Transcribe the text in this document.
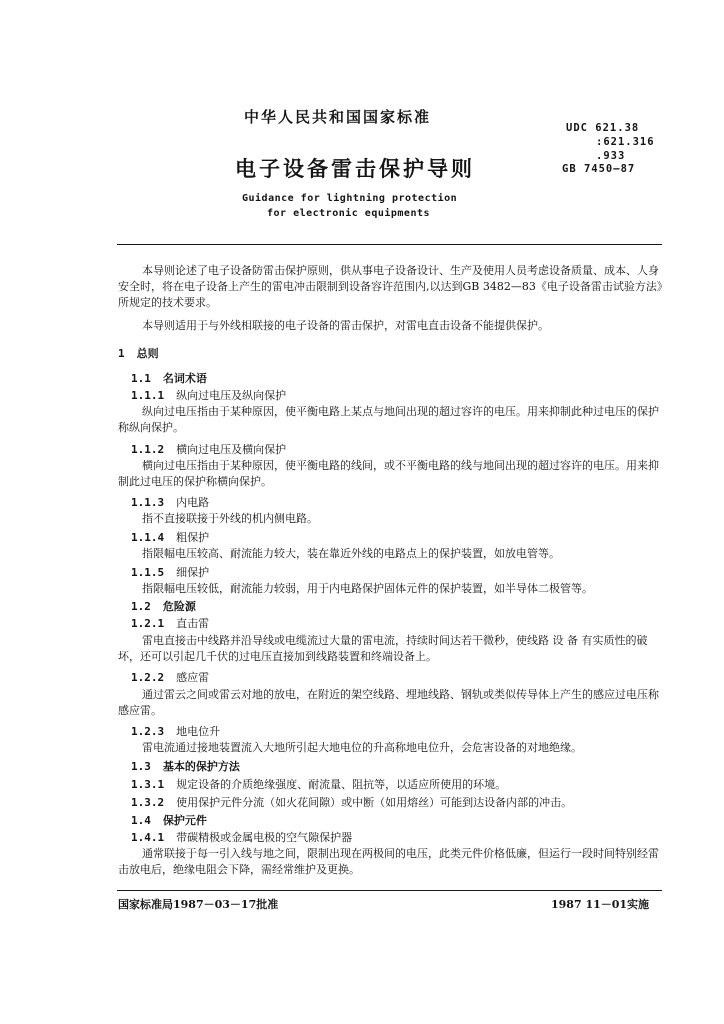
中华人民共和国国家标准
UDC 621.38
:621.316
.933
GB 7450—87
电子设备雷击保护导则
Guidance for lightning protection
for electronic equipments
本导则论述了电子设备防雷击保护原则，供从事电子设备设计、生产及使用人员考虑设备质量、成本、人身安全时，将在电子设备上产生的雷电冲击限制到设备容许范围内,以达到GB 3482—83《电子设备雷击试验方法》所规定的技术要求。
本导则适用于与外线相联接的电子设备的雷击保护，对雷电直击设备不能提供保护。
1 总则
1.1 名词术语
1.1.1 纵向过电压及纵向保护
纵向过电压指由于某种原因，使平衡电路上某点与地间出现的超过容许的电压。用来抑制此种过电压的保护称纵向保护。
1.1.2 横向过电压及横向保护
横向过电压指由于某种原因，使平衡电路的线间，或不平衡电路的线与地间出现的超过容许的电压。用来抑制此过电压的保护称横向保护。
1.1.3 内电路
指不直接联接于外线的机内侧电路。
1.1.4 粗保护
指限幅电压较高、耐流能力较大，装在靠近外线的电路点上的保护装置，如放电管等。
1.1.5 细保护
指限幅电压较低，耐流能力较弱，用于内电路保护固体元件的保护装置，如半导体二极管等。
1.2 危险源
1.2.1 直击雷
雷电直接击中线路并沿导线或电缆流过大量的雷电流，持续时间达若干微秒，使线路 设 备 有实质性的破坏，还可以引起几千伏的过电压直接加到线路装置和终端设备上。
1.2.2 感应雷
通过雷云之间或雷云对地的放电，在附近的架空线路、埋地线路、钢轨或类似传导体上产生的感应过电压称感应雷。
1.2.3 地电位升
雷电流通过接地装置流入大地所引起大地电位的升高称地电位升，会危害设备的对地绝缘。
1.3 基本的保护方法
1.3.1 规定设备的介质绝缘强度、耐流量、阻抗等，以适应所使用的环境。
1.3.2 使用保护元件分流（如火花间隙）或中断（如用熔丝）可能到达设备内部的冲击。
1.4 保护元件
1.4.1 带碳精极或金属电极的空气隙保护器
通常联接于每一引入线与地之间，限制出现在两极间的电压，此类元件价格低廉，但运行一段时间特别经雷击放电后，绝缘电阻会下降，需经常维护及更换。
国家标准局1987－03－17批准	1987 11－01实施
